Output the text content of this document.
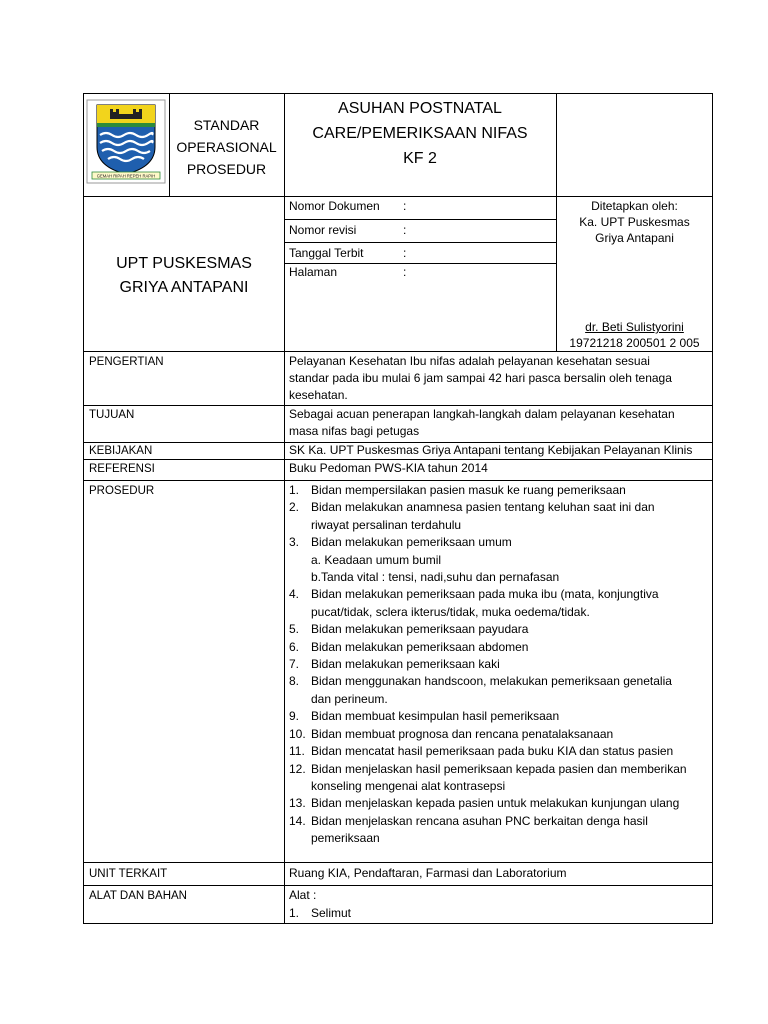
GEMAH RIPAH REPEH RAPIH
STANDAR
OPERASIONAL
PROSEDUR
ASUHAN POSTNATAL
CARE/PEMERIKSAAN NIFAS
KF 2
UPT PUSKESMAS
GRIYA ANTAPANI
Nomor Dokumen :
Nomor revisi	:
Tanggal Terbit	:
Halaman	:
Ditetapkan oleh:
Ka. UPT Puskesmas
Griya Antapani
dr. Beti Sulistyorini
19721218 200501 2 005
PENGERTIAN	Pelayanan Kesehatan Ibu nifas adalah pelayanan kesehatan sesuai
standar pada ibu mulai 6 jam sampai 42 hari pasca bersalin oleh tenaga
kesehatan.
TUJUAN	Sebagai acuan penerapan langkah-langkah dalam pelayanan kesehatan
masa nifas bagi petugas
KEBIJAKAN	SK Ka. UPT Puskesmas Griya Antapani tentang Kebijakan Pelayanan Klinis
REFERENSI	Buku Pedoman PWS-KIA tahun 2014
PROSEDUR	1. Bidan mempersilakan pasien masuk ke ruang pemeriksaan
2. Bidan melakukan anamnesa pasien tentang keluhan saat ini dan
riwayat persalinan terdahulu
3. Bidan melakukan pemeriksaan umum
a. Keadaan umum bumil
b.Tanda vital : tensi, nadi,suhu dan pernafasan
4. Bidan melakukan pemeriksaan pada muka ibu (mata, konjungtiva
pucat/tidak, sclera ikterus/tidak, muka oedema/tidak.
5. Bidan melakukan pemeriksaan payudara
6. Bidan melakukan pemeriksaan abdomen
7. Bidan melakukan pemeriksaan kaki
8. Bidan menggunakan handscoon, melakukan pemeriksaan genetalia
dan perineum.
9. Bidan membuat kesimpulan hasil pemeriksaan
10. Bidan membuat prognosa dan rencana penatalaksanaan
11. Bidan mencatat hasil pemeriksaan pada buku KIA dan status pasien
12. Bidan menjelaskan hasil pemeriksaan kepada pasien dan memberikan
konseling mengenai alat kontrasepsi
13. Bidan menjelaskan kepada pasien untuk melakukan kunjungan ulang
14. Bidan menjelaskan rencana asuhan PNC berkaitan denga hasil
pemeriksaan
UNIT TERKAIT	Ruang KIA, Pendaftaran, Farmasi dan Laboratorium
ALAT DAN BAHAN	Alat :
1. Selimut
